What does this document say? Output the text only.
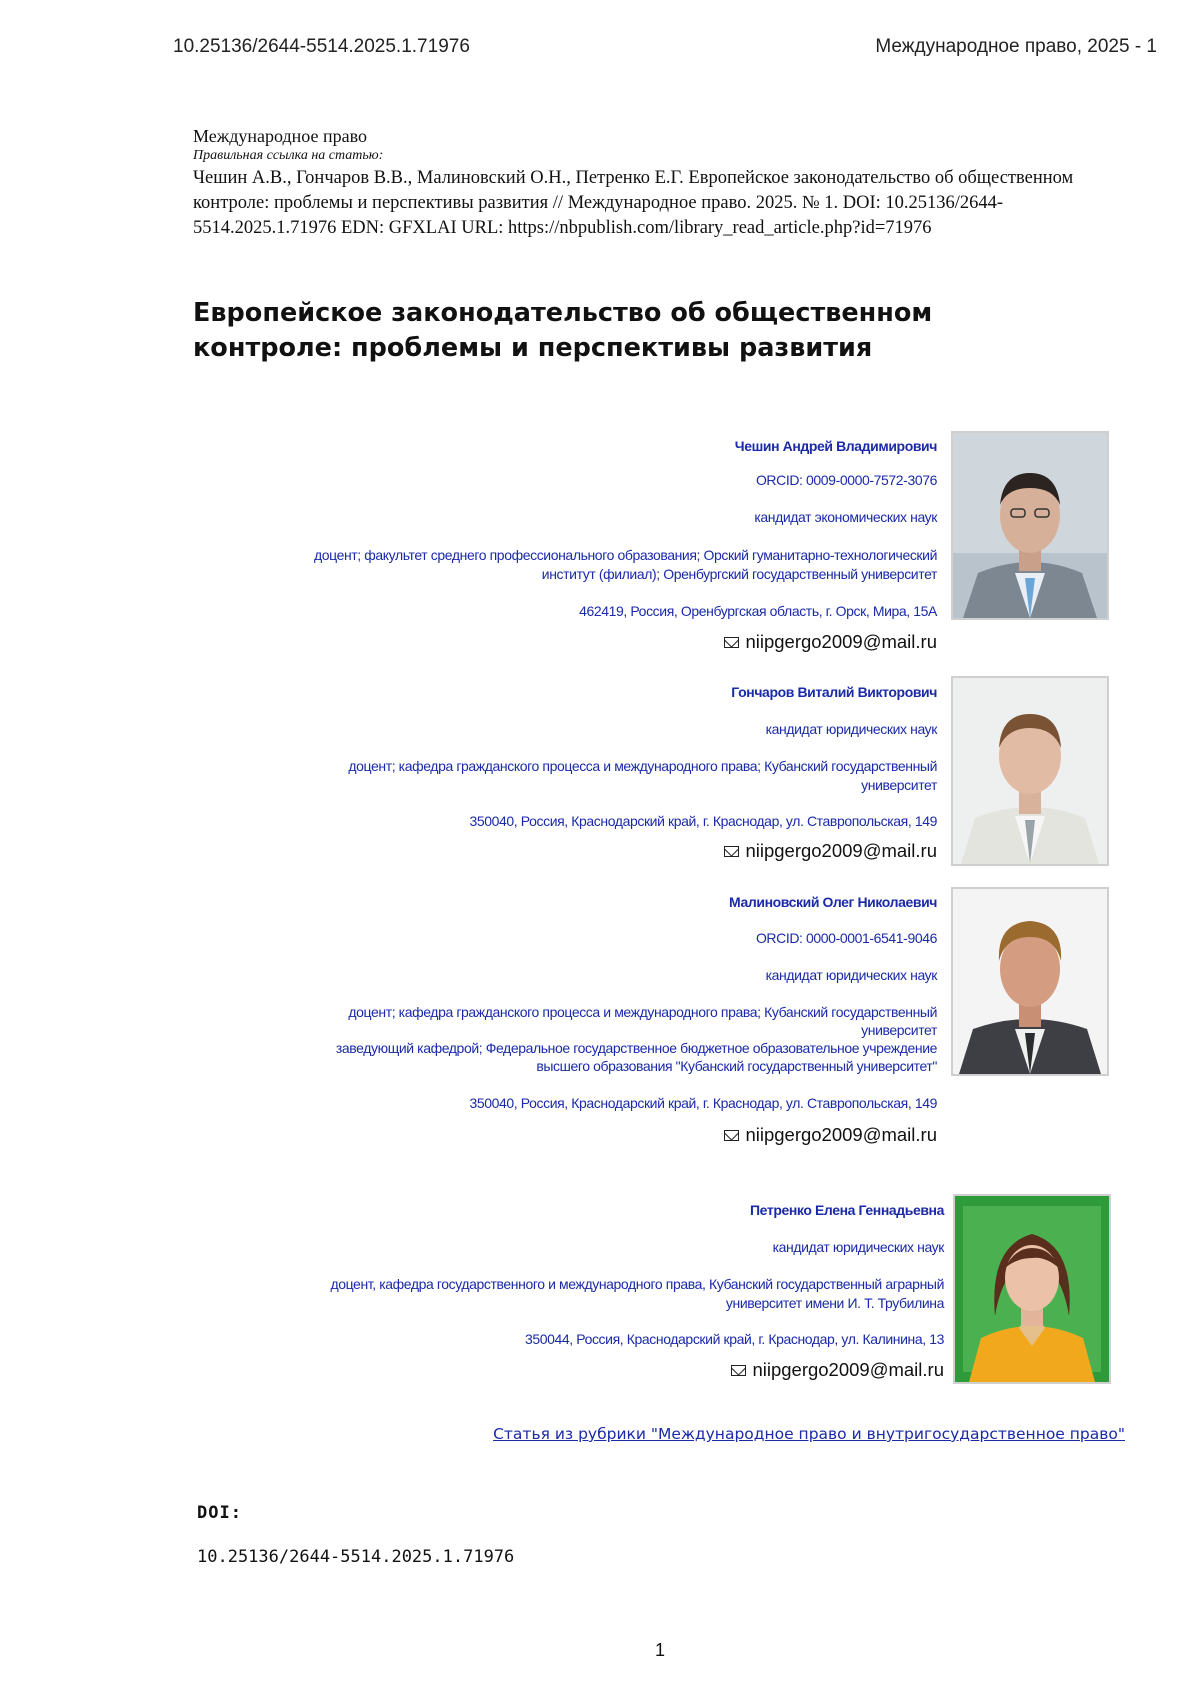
10.25136/2644-5514.2025.1.71976	Международное право, 2025 - 1
Международное право
Правильная ссылка на статью:
Чешин А.В., Гончаров В.В., Малиновский О.Н., Петренко Е.Г. Европейское законодательство об общественном
контроле: проблемы и перспективы развития // Международное право. 2025. № 1. DOI: 10.25136/2644-
5514.2025.1.71976 EDN: GFXLAI URL: https://nbpublish.com/library_read_article.php?id=71976
Европейское законодательство об общественном
контроле: проблемы и перспективы развития
Чешин Андрей Владимирович
ORCID: 0009-0000-7572-3076
кандидат экономических наук
доцент; факультет среднего профессионального образования; Орский гуманитарно-технологический
институт (филиал); Оренбургский государственный университет
462419, Россия, Оренбургская область, г. Орск, Мира, 15А
niipgergo2009@mail.ru
Гончаров Виталий Викторович
кандидат юридических наук
доцент; кафедра гражданского процесса и международного права; Кубанский государственный
университет
350040, Россия, Краснодарский край, г. Краснодар, ул. Ставропольская, 149
niipgergo2009@mail.ru
Малиновский Олег Николаевич
ORCID: 0000-0001-6541-9046
кандидат юридических наук
доцент; кафедра гражданского процесса и международного права; Кубанский государственный
университет
заведующий кафедрой; Федеральное государственное бюджетное образовательное учреждение
высшего образования "Кубанский государственный университет"
350040, Россия, Краснодарский край, г. Краснодар, ул. Ставропольская, 149
niipgergo2009@mail.ru
Петренко Елена Геннадьевна
кандидат юридических наук
доцент, кафедра государственного и международного права, Кубанский государственный аграрный
университет имени И. Т. Трубилина
350044, Россия, Краснодарский край, г. Краснодар, ул. Калинина, 13
niipgergo2009@mail.ru
Статья из рубрики "Международное право и внутригосударственное право"
DOI:
10.25136/2644-5514.2025.1.71976
1
